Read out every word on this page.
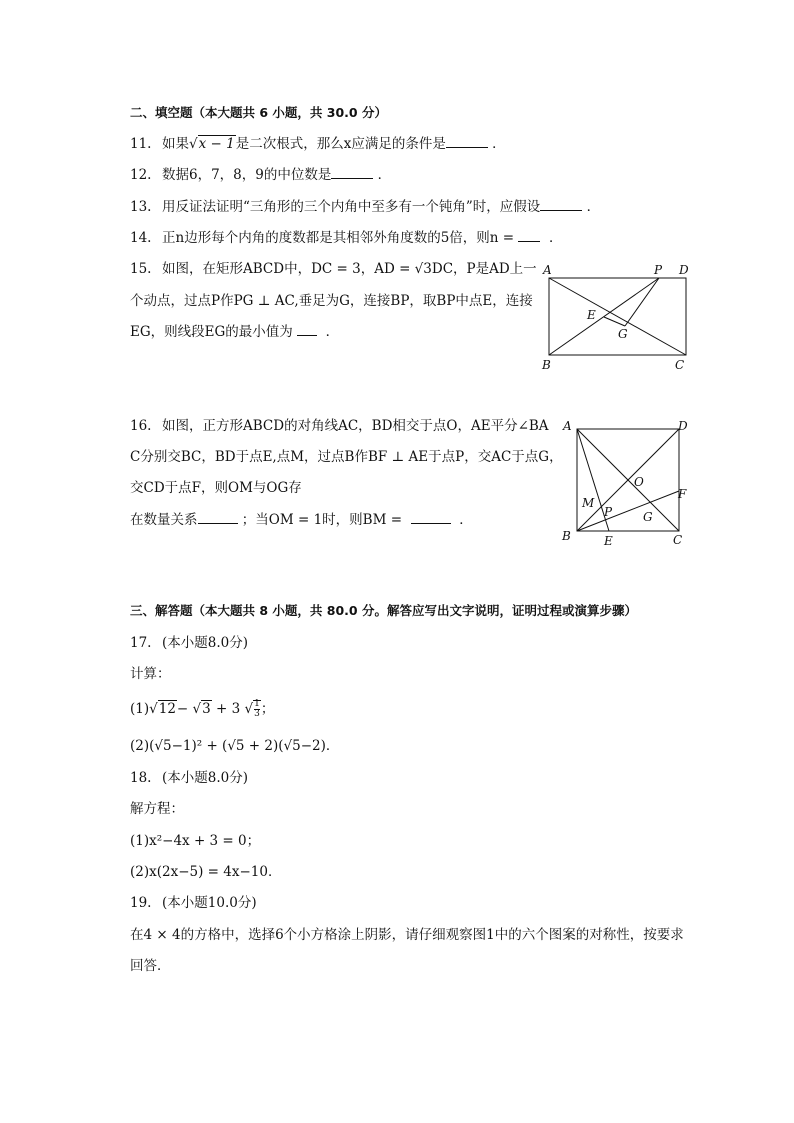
二、填空题（本大题共 6 小题，共 30.0 分）
11. 如果√x − 1是二次根式，那么x应满足的条件是	．
12. 数据6，7，8，9的中位数是	．
13. 用反证法证明“三角形的三个内角中至多有一个钝角”时，应假设	．
14. 正n边形每个内角的度数都是其相邻外角度数的5倍，则n =   ．
15. 如图，在矩形ABCD中，DC = 3，AD = √3DC，P是AD上一
个动点，过点P作PG ⊥ AC,垂足为G，连接BP，取BP中点E，连接
EG，则线段EG的最小值为 ．
A	P D
E
G
B	C
16. 如图，正方形ABCD的对角线AC，BD相交于点O，AE平分∠BA
C分别交BC，BD于点E,点M，过点B作BF ⊥ AE于点P，交AC于点G，
交CD于点F，则OM与OG存
在数量关系	；当OM = 1时，则BM =	．
A	D
O
F
M
P	G
B	E	C
三、解答题（本大题共 8 小题，共 80.0 分。解答应写出文字说明，证明过程或演算步骤）
17. (本小题8.0分)
计算：
(1)√12− √3 + 3 √ $\frac{1}{3}$ ；
(2)(√5−1)² + (√5 + 2)(√5−2)．
18. (本小题8.0分)
解方程：
(1)x²−4x + 3 = 0；
(2)x(2x−5) = 4x−10．
19. (本小题10.0分)
在4 × 4的方格中，选择6个小方格涂上阴影，请仔细观察图1中的六个图案的对称性，按要求
回答．
